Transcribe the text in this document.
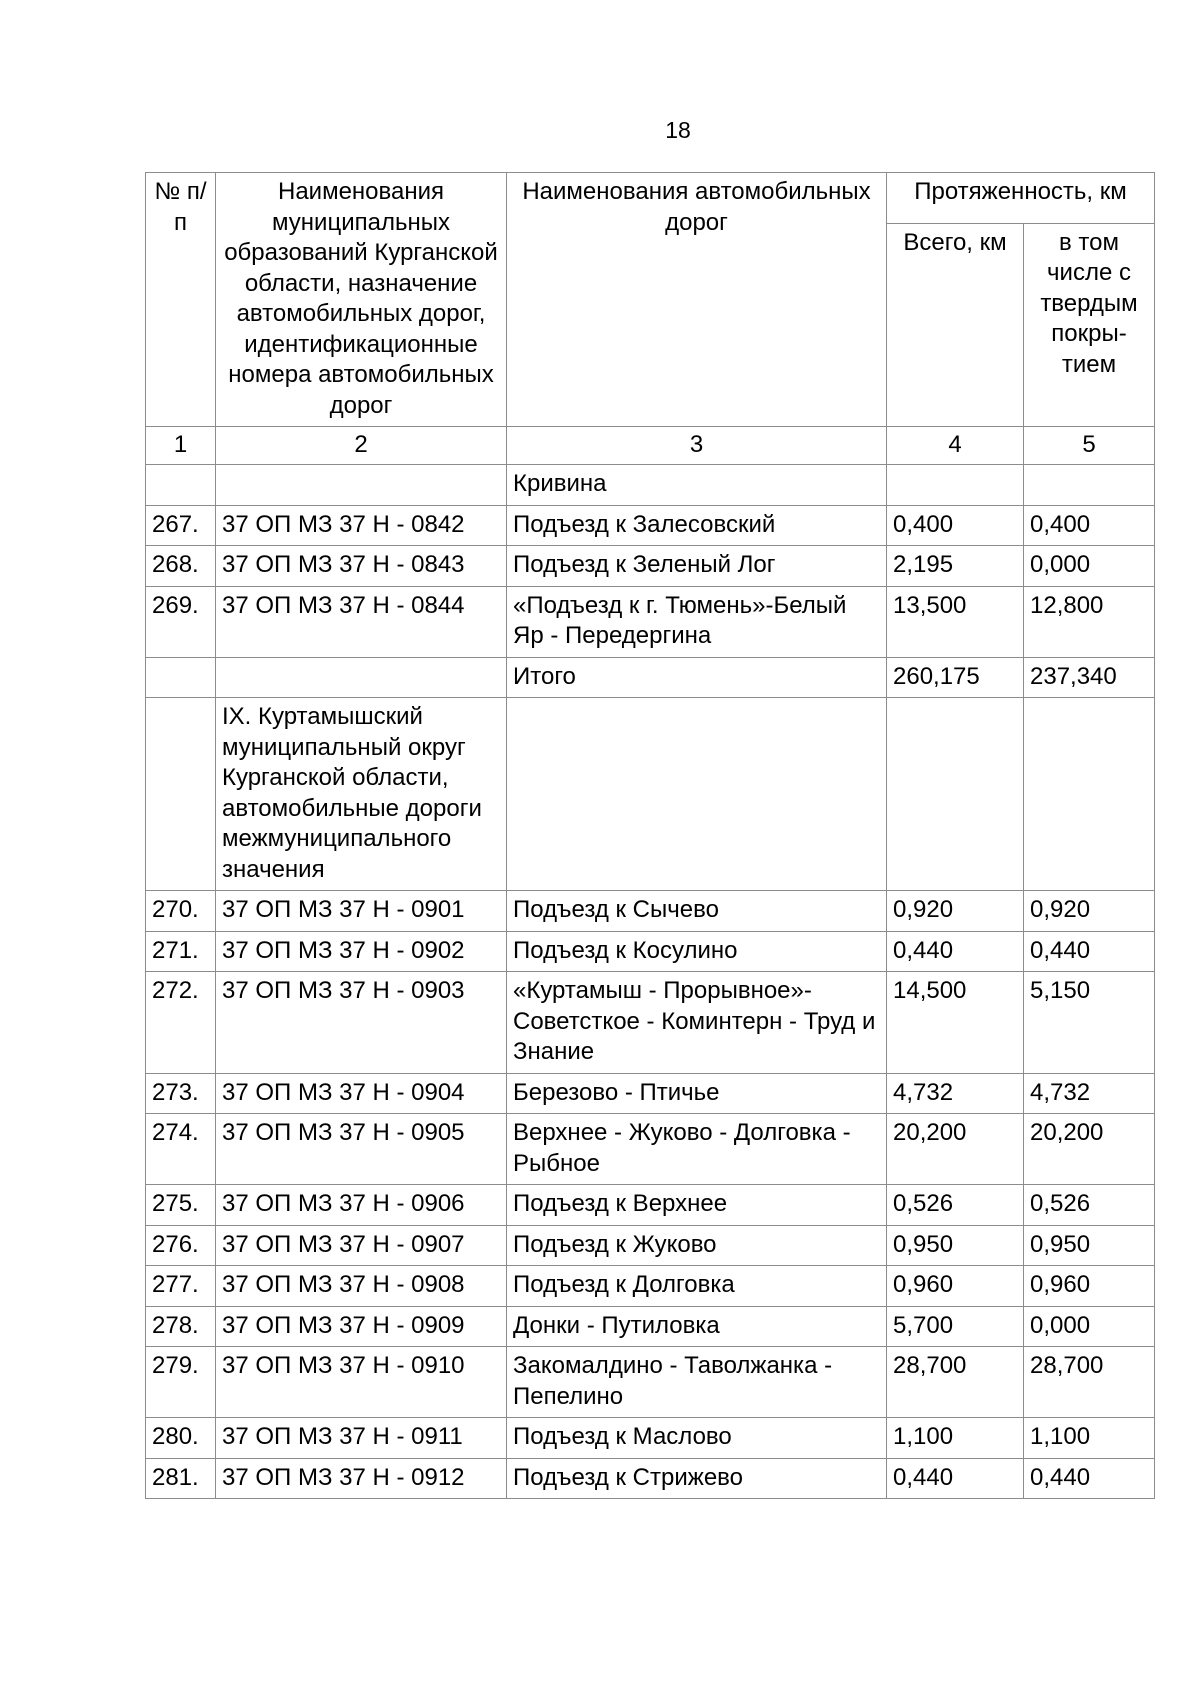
18
№ п/п	Наименования муниципальных образований Курганской области, назначение автомобильных дорог, идентификационные номера автомобильных дорог	Наименования автомобильных дорог	Протяженность, км	
			Всего, км	в том числе с твердым покры-тием
1	2	3	4	5
		Кривина		
267.	37 ОП МЗ 37 Н - 0842	Подъезд к Залесовский	0,400	0,400
268.	37 ОП МЗ 37 Н - 0843	Подъезд к Зеленый Лог	2,195	0,000
269.	37 ОП МЗ 37 Н - 0844	«Подъезд к г. Тюмень»-Белый Яр - Передергина	13,500	12,800
		Итого	260,175	237,340
	IX. Куртамышский муниципальный округ Курганской области, автомобильные дороги межмуниципального значения			
270.	37 ОП МЗ 37 Н - 0901	Подъезд к Сычево	0,920	0,920
271.	37 ОП МЗ 37 Н - 0902	Подъезд к Косулино	0,440	0,440
272.	37 ОП МЗ 37 Н - 0903	«Куртамыш - Прорывное»-Советсткое - Коминтерн - Труд и Знание	14,500	5,150
273.	37 ОП МЗ 37 Н - 0904	Березово - Птичье	4,732	4,732
274.	37 ОП МЗ 37 Н - 0905	Верхнее - Жуково - Долговка - Рыбное	20,200	20,200
275.	37 ОП МЗ 37 Н - 0906	Подъезд к Верхнее	0,526	0,526
276.	37 ОП МЗ 37 Н - 0907	Подъезд к Жуково	0,950	0,950
277.	37 ОП МЗ 37 Н - 0908	Подъезд к Долговка	0,960	0,960
278.	37 ОП МЗ 37 Н - 0909	Донки - Путиловка	5,700	0,000
279.	37 ОП МЗ 37 Н - 0910	Закомалдино - Таволжанка - Пепелино	28,700	28,700
280.	37 ОП МЗ 37 Н - 0911	Подъезд к Маслово	1,100	1,100
281.	37 ОП МЗ 37 Н - 0912	Подъезд к Стрижево	0,440	0,440
